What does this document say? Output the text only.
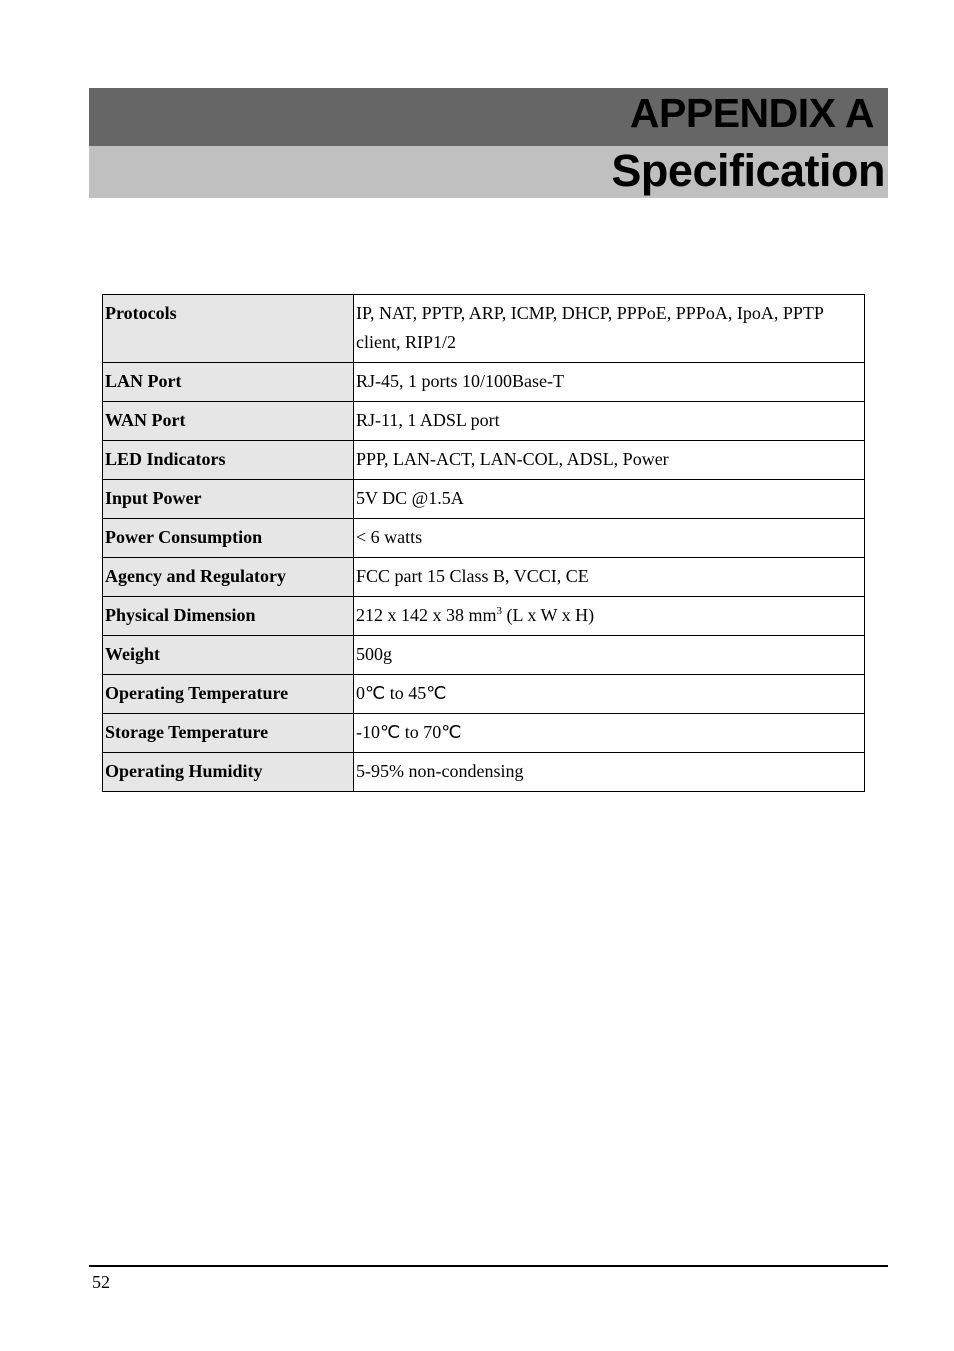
APPENDIX A
Specification
Protocols	IP, NAT, PPTP, ARP, ICMP, DHCP, PPPoE, PPPoA, IpoA, PPTP client, RIP1/2
LAN Port	RJ-45, 1 ports 10/100Base-T
WAN Port	RJ-11, 1 ADSL port
LED Indicators	PPP, LAN-ACT, LAN-COL, ADSL, Power
Input Power	5V DC @1.5A
Power Consumption	< 6 watts
Agency and Regulatory	FCC part 15 Class B, VCCI, CE
Physical Dimension	212 x 142 x 38 $mm^3$ (L x W x H)
Weight	500g
Operating Temperature	0℃ to 45℃
Storage Temperature	-10℃ to 70℃
Operating Humidity	5-95% non-condensing
52
